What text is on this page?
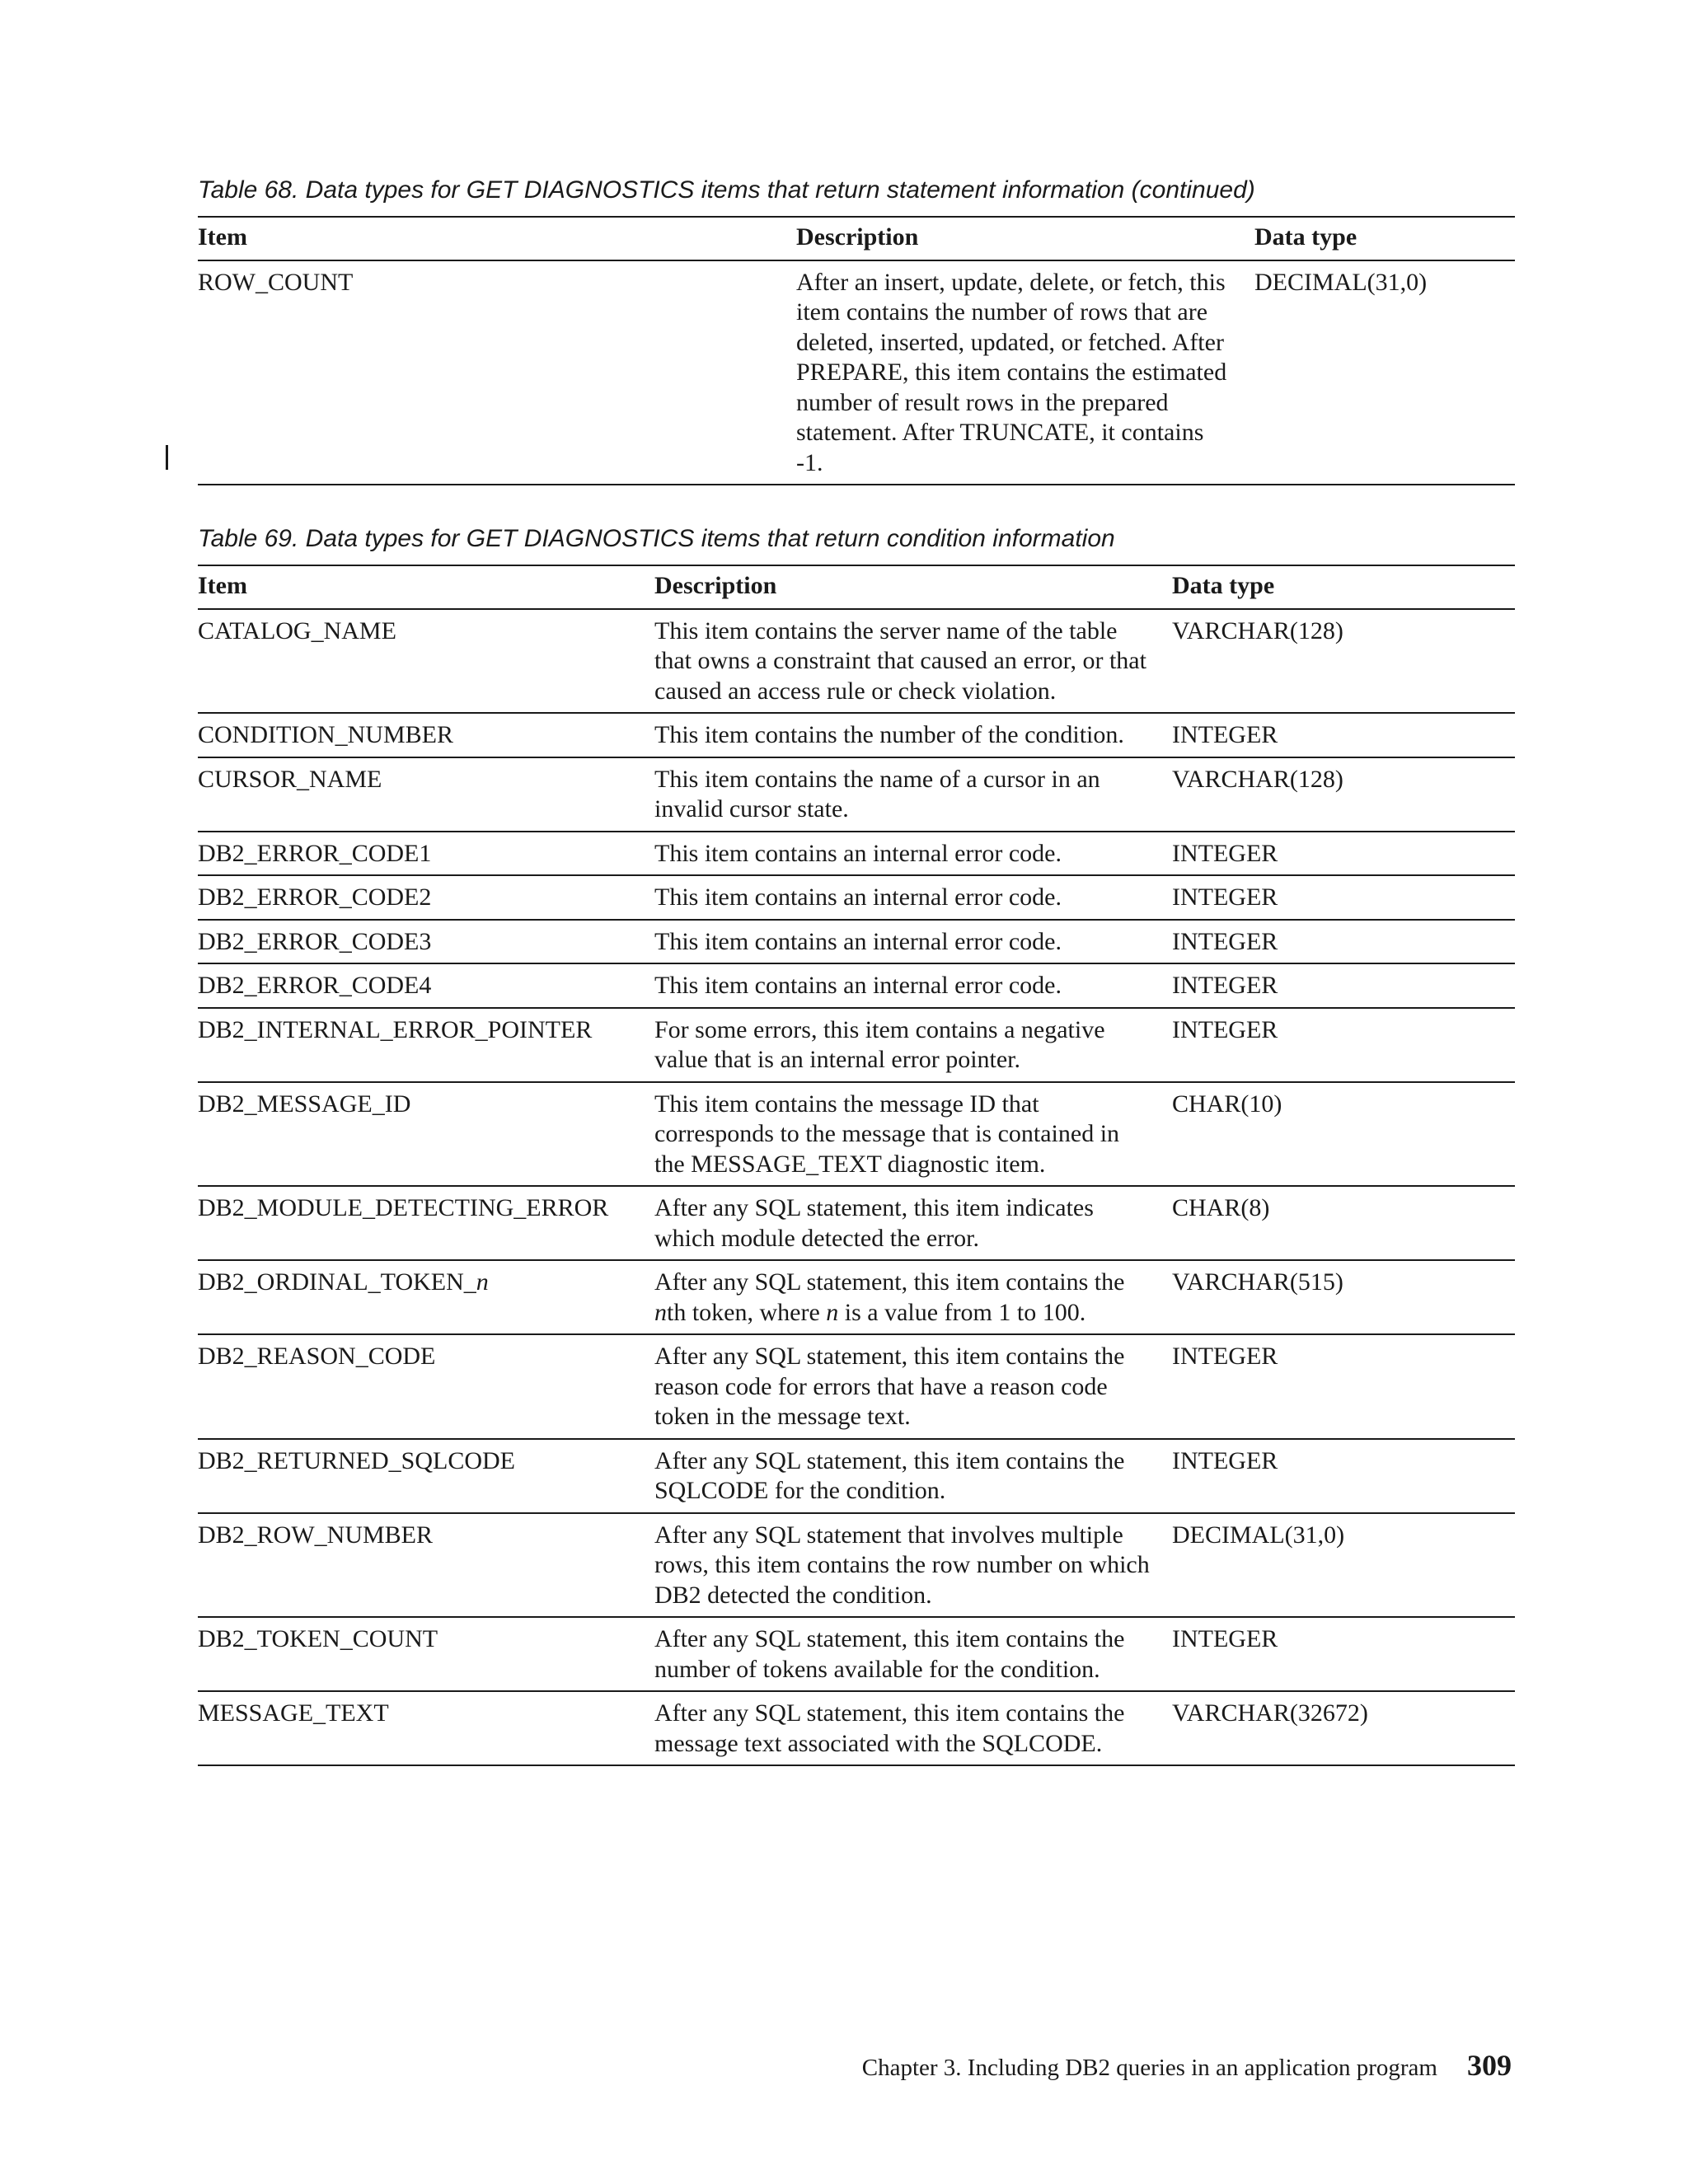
Table 68. Data types for GET DIAGNOSTICS items that return statement information (continued)
Item	Description	Data type
ROW_COUNT	After an insert, update, delete, or fetch, this item contains the number of rows that are deleted, inserted, updated, or fetched. After PREPARE, this item contains the estimated number of result rows in the prepared statement. After TRUNCATE, it contains -1.	DECIMAL(31,0)
Table 69. Data types for GET DIAGNOSTICS items that return condition information
Item	Description	Data type
CATALOG_NAME	This item contains the server name of the table that owns a constraint that caused an error, or that caused an access rule or check violation.	VARCHAR(128)
CONDITION_NUMBER	This item contains the number of the condition.	INTEGER
CURSOR_NAME	This item contains the name of a cursor in an invalid cursor state.	VARCHAR(128)
DB2_ERROR_CODE1	This item contains an internal error code.	INTEGER
DB2_ERROR_CODE2	This item contains an internal error code.	INTEGER
DB2_ERROR_CODE3	This item contains an internal error code.	INTEGER
DB2_ERROR_CODE4	This item contains an internal error code.	INTEGER
DB2_INTERNAL_ERROR_POINTER	For some errors, this item contains a negative value that is an internal error pointer.	INTEGER
DB2_MESSAGE_ID	This item contains the message ID that corresponds to the message that is contained in the MESSAGE_TEXT diagnostic item.	CHAR(10)
DB2_MODULE_DETECTING_ERROR	After any SQL statement, this item indicates which module detected the error.	CHAR(8)
DB2_ORDINAL_TOKEN_n	After any SQL statement, this item contains the nth token, where n is a value from 1 to 100.	VARCHAR(515)
DB2_REASON_CODE	After any SQL statement, this item contains the reason code for errors that have a reason code token in the message text.	INTEGER
DB2_RETURNED_SQLCODE	After any SQL statement, this item contains the SQLCODE for the condition.	INTEGER
DB2_ROW_NUMBER	After any SQL statement that involves multiple rows, this item contains the row number on which DB2 detected the condition.	DECIMAL(31,0)
DB2_TOKEN_COUNT	After any SQL statement, this item contains the number of tokens available for the condition.	INTEGER
MESSAGE_TEXT	After any SQL statement, this item contains the message text associated with the SQLCODE.	VARCHAR(32672)
Chapter 3. Including DB2 queries in an application program 309
